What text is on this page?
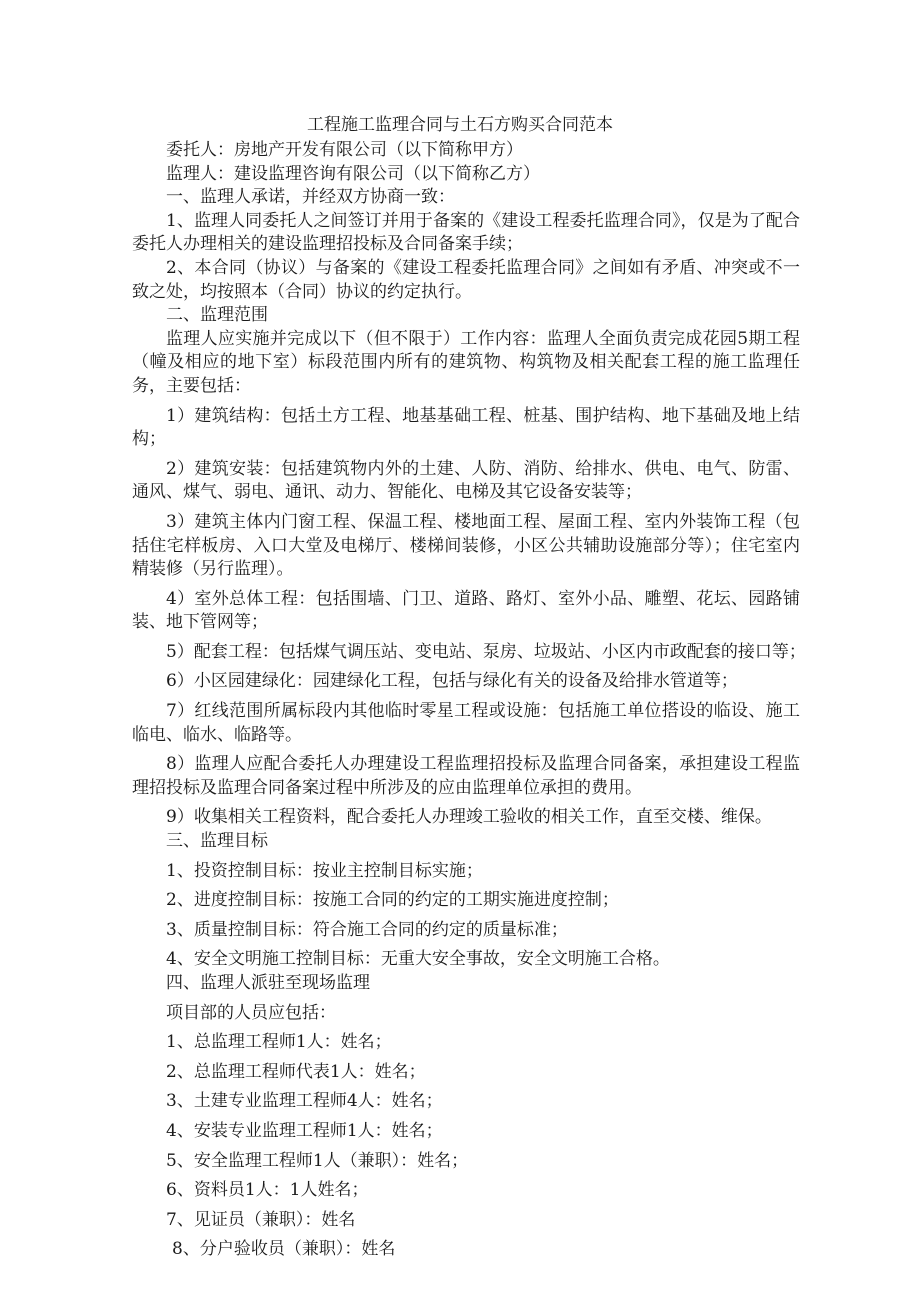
工程施工监理合同与土石方购买合同范本

委托人：房地产开发有限公司（以下简称甲方）

监理人：建设监理咨询有限公司（以下简称乙方）

一、监理人承诺，并经双方协商一致：

1、监理人同委托人之间签订并用于备案的《建设工程委托监理合同》，仅是为了配合委托人办理相关的建设监理招投标及合同备案手续；

2、本合同（协议）与备案的《建设工程委托监理合同》之间如有矛盾、冲突或不一致之处，均按照本（合同）协议的约定执行。

二、监理范围

监理人应实施并完成以下（但不限于）工作内容：监理人全面负责完成花园5期工程（幢及相应的地下室）标段范围内所有的建筑物、构筑物及相关配套工程的施工监理任务，主要包括：

1）建筑结构：包括土方工程、地基基础工程、桩基、围护结构、地下基础及地上结构；

2）建筑安装：包括建筑物内外的土建、人防、消防、给排水、供电、电气、防雷、通风、煤气、弱电、通讯、动力、智能化、电梯及其它设备安装等；

3）建筑主体内门窗工程、保温工程、楼地面工程、屋面工程、室内外装饰工程（包括住宅样板房、入口大堂及电梯厅、楼梯间装修，小区公共辅助设施部分等）；住宅室内精装修（另行监理）。

4）室外总体工程：包括围墙、门卫、道路、路灯、室外小品、雕塑、花坛、园路铺装、地下管网等；

5）配套工程：包括煤气调压站、变电站、泵房、垃圾站、小区内市政配套的接口等；

6）小区园建绿化：园建绿化工程，包括与绿化有关的设备及给排水管道等；

7）红线范围所属标段内其他临时零星工程或设施：包括施工单位搭设的临设、施工临电、临水、临路等。

8）监理人应配合委托人办理建设工程监理招投标及监理合同备案，承担建设工程监理招投标及监理合同备案过程中所涉及的应由监理单位承担的费用。

9）收集相关工程资料，配合委托人办理竣工验收的相关工作，直至交楼、维保。

三、监理目标

1、投资控制目标：按业主控制目标实施；

2、进度控制目标：按施工合同的约定的工期实施进度控制；

3、质量控制目标：符合施工合同的约定的质量标准；

4、安全文明施工控制目标：无重大安全事故，安全文明施工合格。

四、监理人派驻至现场监理

项目部的人员应包括：

1、总监理工程师1人：姓名；

2、总监理工程师代表1人：姓名；

3、土建专业监理工程师4人：姓名；

4、安装专业监理工程师1人：姓名；

5、安全监理工程师1人（兼职）：姓名；

6、资料员1人：1人姓名；

7、见证员（兼职）：姓名

8、分户验收员（兼职）：姓名
